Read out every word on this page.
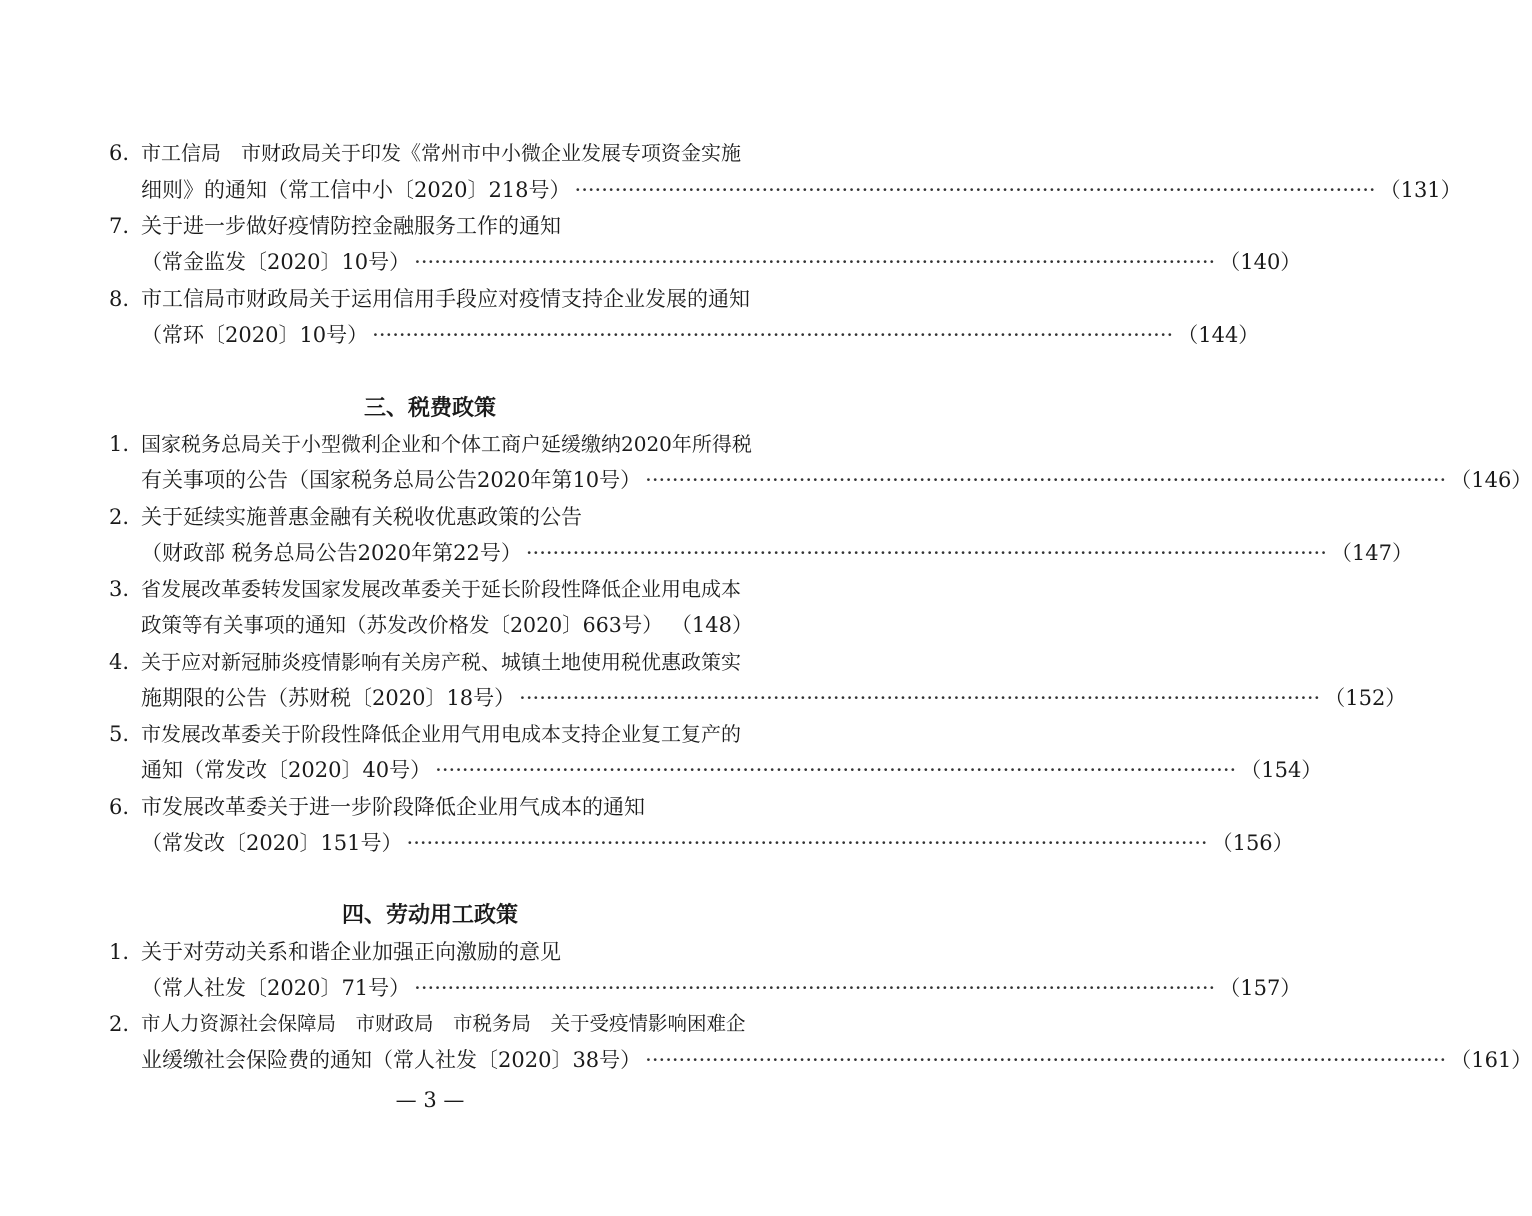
6. 市工信局　市财政局关于印发《常州市中小微企业发展专项资金实施
细则》的通知（常工信中小〔2020〕218号） ························································································································ （131）
7. 关于进一步做好疫情防控金融服务工作的通知
（常金监发〔2020〕10号） ························································································································ （140）
8. 市工信局市财政局关于运用信用手段应对疫情支持企业发展的通知
（常环〔2020〕10号） ························································································································ （144）
三、税费政策
1. 国家税务总局关于小型微利企业和个体工商户延缓缴纳2020年所得税
有关事项的公告（国家税务总局公告2020年第10号） ························································································································ （146）
2. 关于延续实施普惠金融有关税收优惠政策的公告
（财政部 税务总局公告2020年第22号） ························································································································ （147）
3. 省发展改革委转发国家发展改革委关于延长阶段性降低企业用电成本
政策等有关事项的通知（苏发改价格发〔2020〕663号） （148）
4. 关于应对新冠肺炎疫情影响有关房产税、城镇土地使用税优惠政策实
施期限的公告（苏财税〔2020〕18号） ························································································································ （152）
5. 市发展改革委关于阶段性降低企业用气用电成本支持企业复工复产的
通知（常发改〔2020〕40号） ························································································································ （154）
6. 市发展改革委关于进一步阶段降低企业用气成本的通知
（常发改〔2020〕151号） ························································································································ （156）
四、劳动用工政策
1. 关于对劳动关系和谐企业加强正向激励的意见
（常人社发〔2020〕71号） ························································································································ （157）
2. 市人力资源社会保障局　市财政局　市税务局　关于受疫情影响困难企
业缓缴社会保险费的通知（常人社发〔2020〕38号） ························································································································ （161）
— 3 —
